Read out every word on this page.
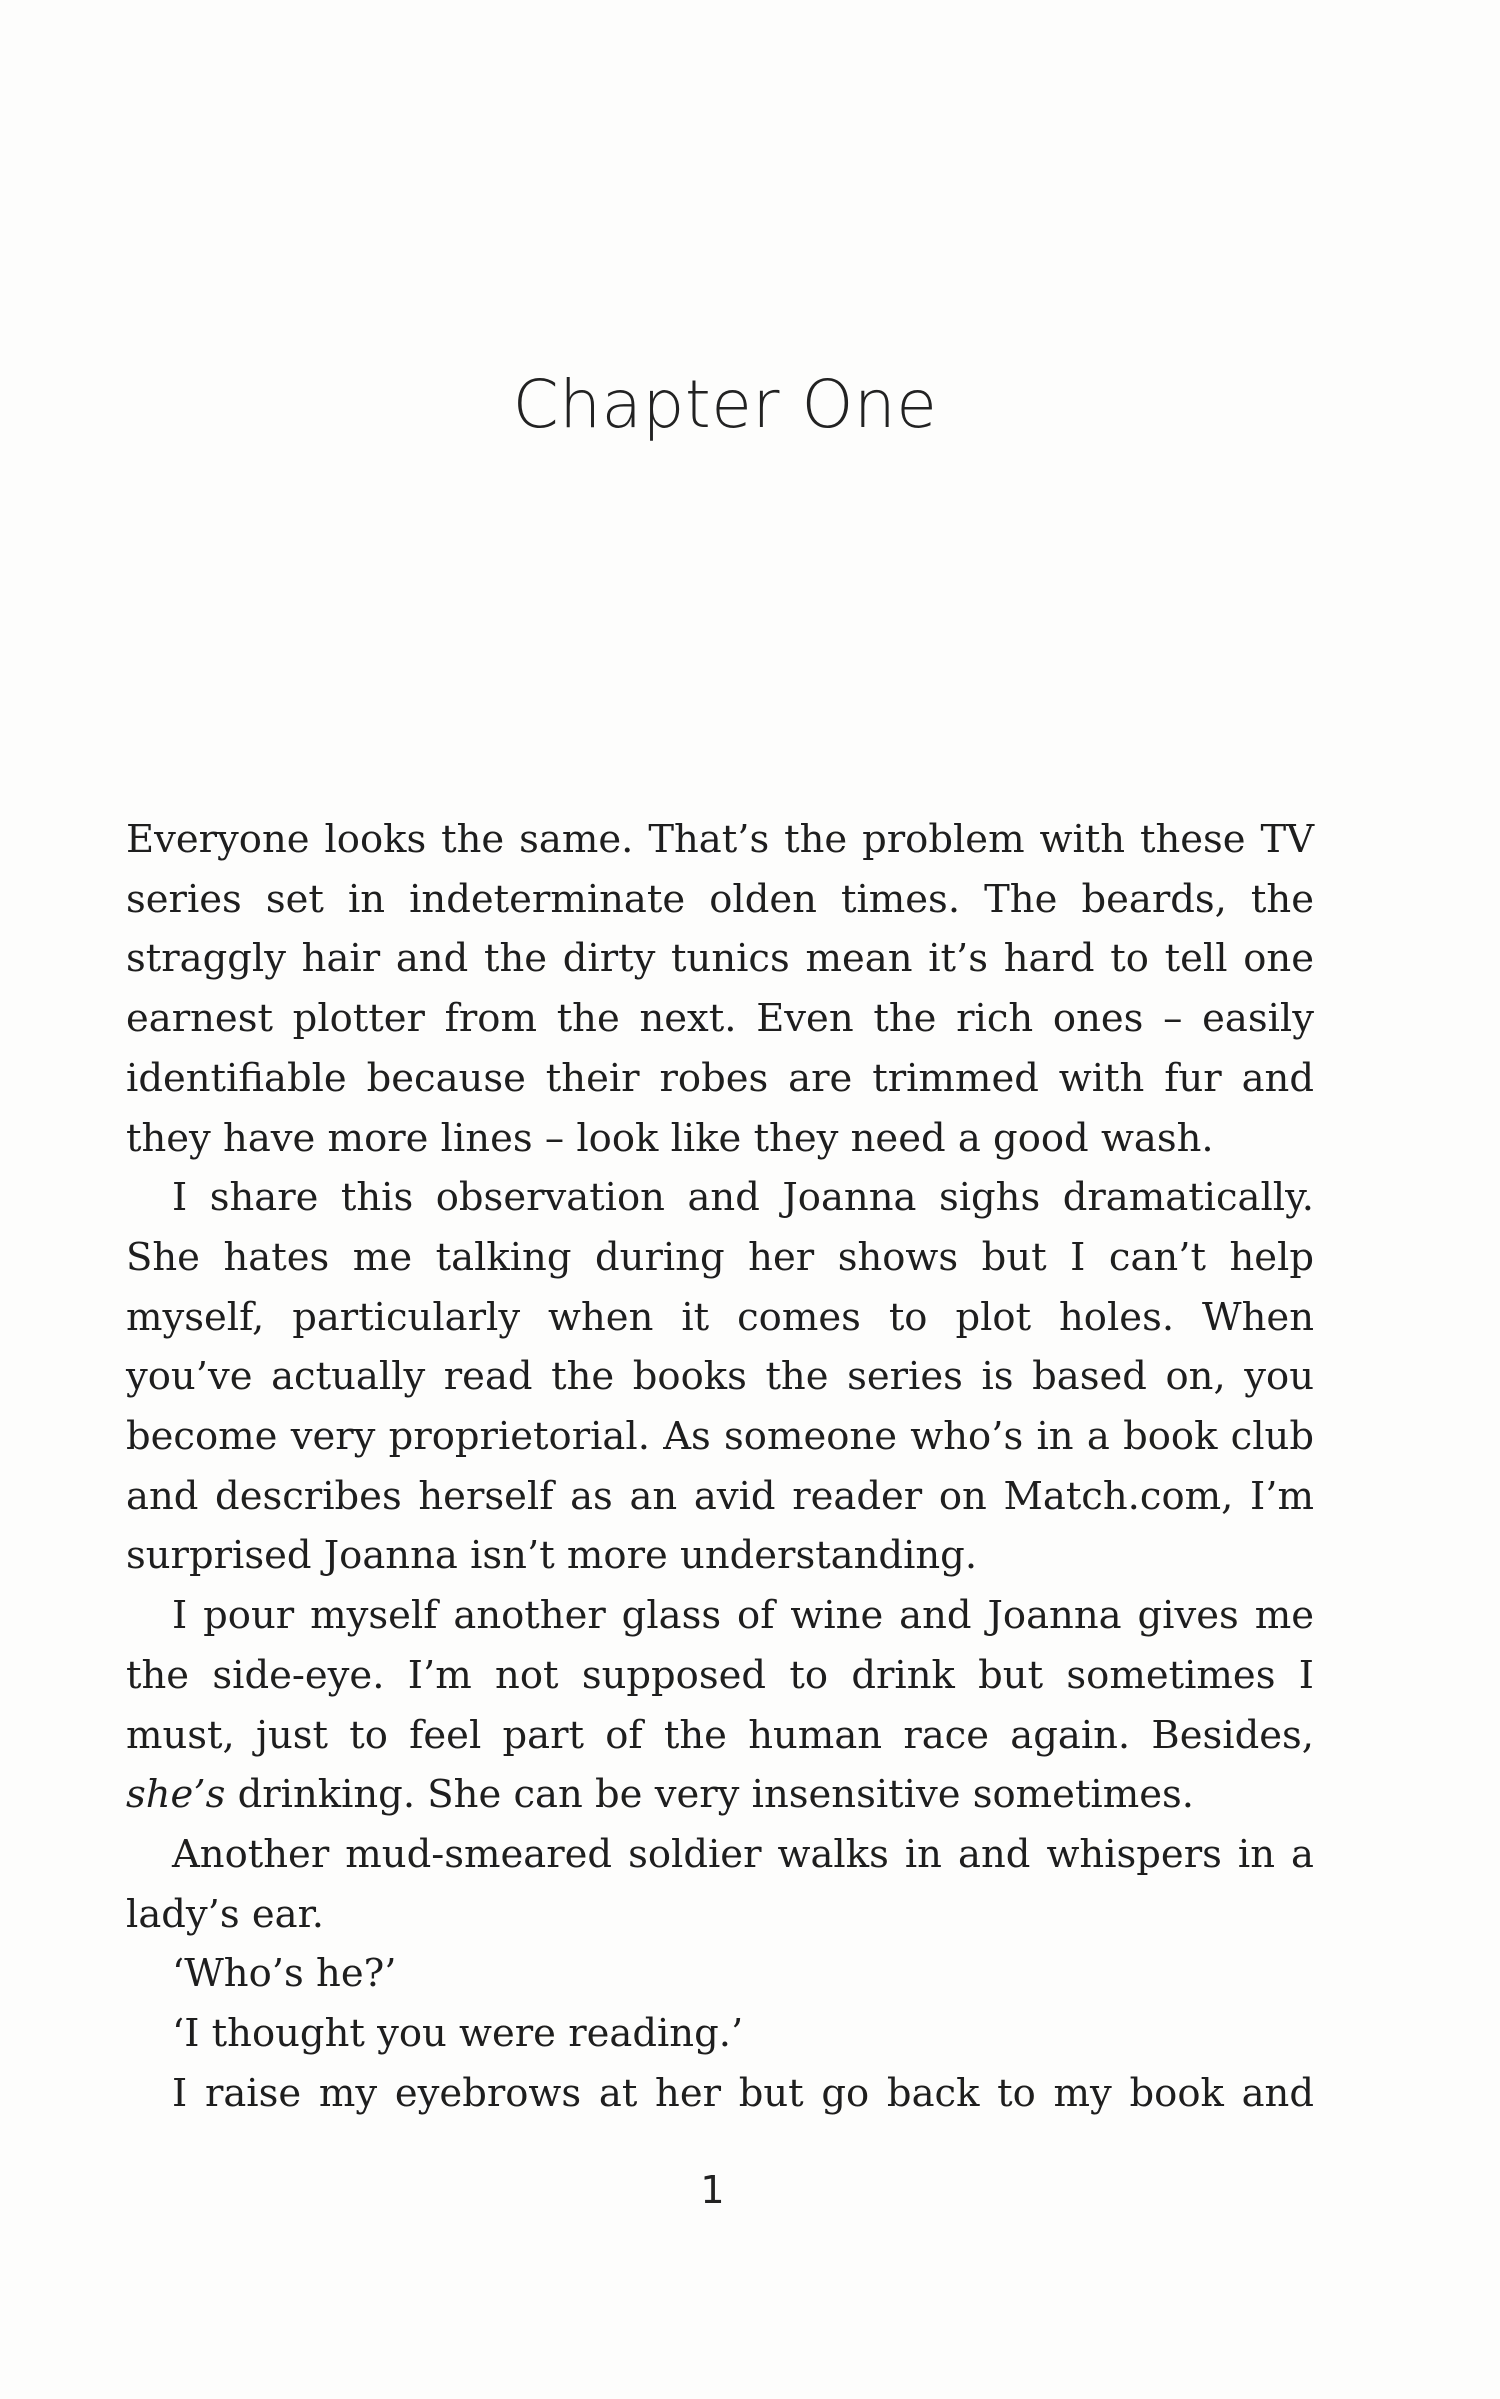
Chapter One

Everyone looks the same. That’s the problem with these TV series set in indeterminate olden times. The beards, the straggly hair and the dirty tunics mean it’s hard to tell one earnest plotter from the next. Even the rich ones – easily identifiable because their robes are trimmed with fur and they have more lines – look like they need a good wash.

I share this observation and Joanna sighs dramatically. She hates me talking during her shows but I can’t help myself, particularly when it comes to plot holes. When you’ve actually read the books the series is based on, you become very proprietorial. As someone who’s in a book club and describes herself as an avid reader on Match.com, I’m surprised Joanna isn’t more understanding.

I pour myself another glass of wine and Joanna gives me the side-eye. I’m not supposed to drink but sometimes I must, just to feel part of the human race again. Besides, she’s drinking. She can be very insensitive sometimes.

Another mud-smeared soldier walks in and whispers in a lady’s ear.

‘Who’s he?’

‘I thought you were reading.’

I raise my eyebrows at her but go back to my book and

1
